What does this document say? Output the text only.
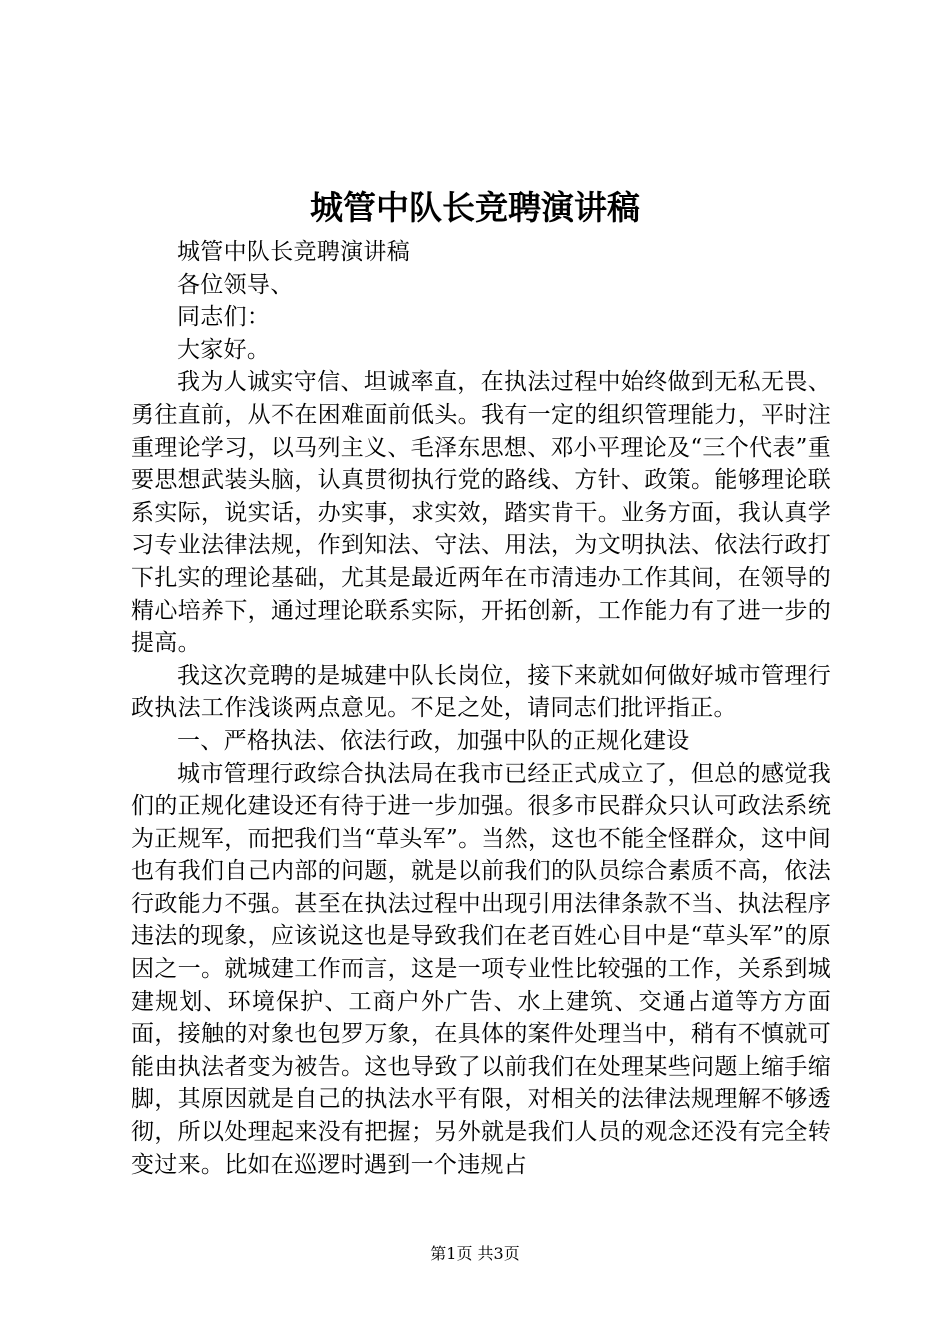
城管中队长竞聘演讲稿

城管中队长竞聘演讲稿

各位领导、

同志们：

大家好。

我为人诚实守信、坦诚率直，在执法过程中始终做到无私无畏、勇往直前，从不在困难面前低头。我有一定的组织管理能力，平时注重理论学习，以马列主义、毛泽东思想、邓小平理论及“三个代表”重要思想武装头脑，认真贯彻执行党的路线、方针、政策。能够理论联系实际，说实话，办实事，求实效，踏实肯干。业务方面，我认真学习专业法律法规，作到知法、守法、用法，为文明执法、依法行政打下扎实的理论基础，尤其是最近两年在市清违办工作其间，在领导的精心培养下，通过理论联系实际，开拓创新，工作能力有了进一步的提高。

我这次竞聘的是城建中队长岗位，接下来就如何做好城市管理行政执法工作浅谈两点意见。不足之处，请同志们批评指正。

一、严格执法、依法行政，加强中队的正规化建设

城市管理行政综合执法局在我市已经正式成立了，但总的感觉我们的正规化建设还有待于进一步加强。很多市民群众只认可政法系统为正规军，而把我们当“草头军”。当然，这也不能全怪群众，这中间也有我们自己内部的问题，就是以前我们的队员综合素质不高，依法行政能力不强。甚至在执法过程中出现引用法律条款不当、执法程序违法的现象，应该说这也是导致我们在老百姓心目中是“草头军”的原因之一。就城建工作而言，这是一项专业性比较强的工作，关系到城建规划、环境保护、工商户外广告、水上建筑、交通占道等方方面面，接触的对象也包罗万象，在具体的案件处理当中，稍有不慎就可能由执法者变为被告。这也导致了以前我们在处理某些问题上缩手缩脚，其原因就是自己的执法水平有限，对相关的法律法规理解不够透彻，所以处理起来没有把握；另外就是我们人员的观念还没有完全转变过来。比如在巡逻时遇到一个违规占

第1页 共3页
